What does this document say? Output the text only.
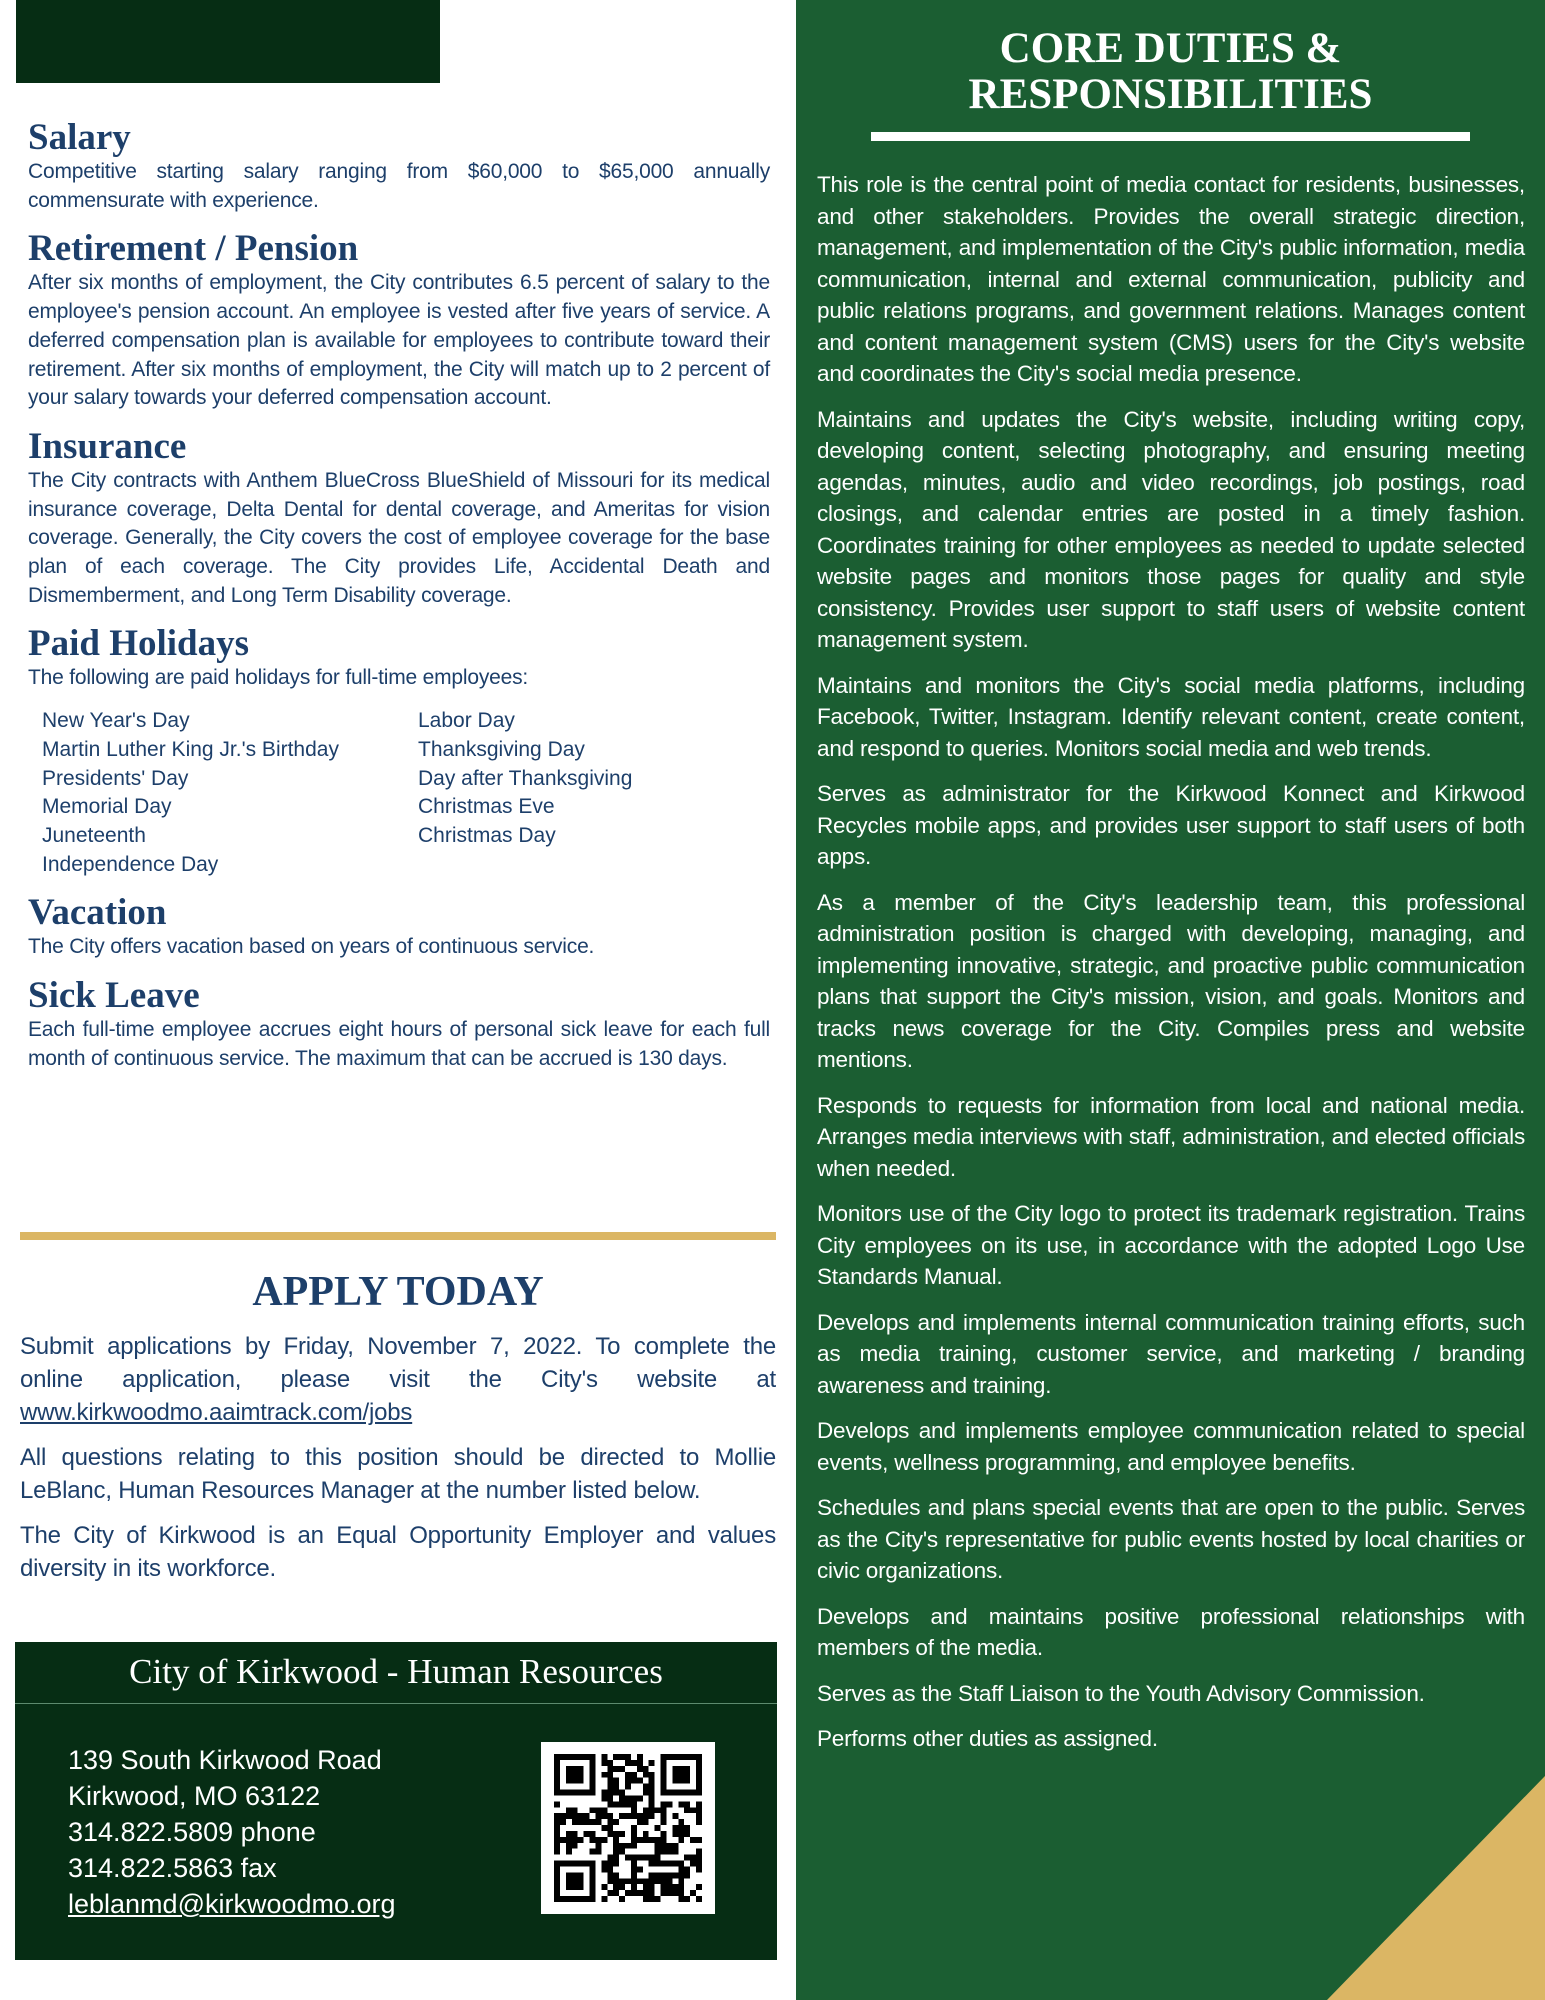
Salary

Competitive starting salary ranging from $60,000 to $65,000 annually commensurate with experience.

Retirement / Pension

After six months of employment, the City contributes 6.5 percent of salary to the employee's pension account. An employee is vested after five years of service. A deferred compensation plan is available for employees to contribute toward their retirement. After six months of employment, the City will match up to 2 percent of your salary towards your deferred compensation account.

Insurance

The City contracts with Anthem BlueCross BlueShield of Missouri for its medical insurance coverage, Delta Dental for dental coverage, and Ameritas for vision coverage. Generally, the City covers the cost of employee coverage for the base plan of each coverage. The City provides Life, Accidental Death and Dismemberment, and Long Term Disability coverage.

Paid Holidays

The following are paid holidays for full-time employees:

New Year's Day
Martin Luther King Jr.'s Birthday
Presidents' Day
Memorial Day
Juneteenth
Independence Day
Labor Day
Thanksgiving Day
Day after Thanksgiving
Christmas Eve
Christmas Day
Vacation

The City offers vacation based on years of continuous service.

Sick Leave

Each full-time employee accrues eight hours of personal sick leave for each full month of continuous service. The maximum that can be accrued is 130 days.

APPLY TODAY

Submit applications by Friday, November 7, 2022. To complete the online application, please visit the City's website at www.kirkwoodmo.aaimtrack.com/jobs

All questions relating to this position should be directed to Mollie LeBlanc, Human Resources Manager at the number listed below.

The City of Kirkwood is an Equal Opportunity Employer and values diversity in its workforce.

City of Kirkwood - Human Resources
139 South Kirkwood Road
Kirkwood, MO 63122
314.822.5809 phone
314.822.5863 fax
leblanmd@kirkwoodmo.org
CORE DUTIES &
RESPONSIBILITIES

This role is the central point of media contact for residents, businesses, and other stakeholders. Provides the overall strategic direction, management, and implementation of the City's public information, media communication, internal and external communication, publicity and public relations programs, and government relations. Manages content and content management system (CMS) users for the City's website and coordinates the City's social media presence.

Maintains and updates the City's website, including writing copy, developing content, selecting photography, and ensuring meeting agendas, minutes, audio and video recordings, job postings, road closings, and calendar entries are posted in a timely fashion. Coordinates training for other employees as needed to update selected website pages and monitors those pages for quality and style consistency. Provides user support to staff users of website content management system.

Maintains and monitors the City's social media platforms, including Facebook, Twitter, Instagram. Identify relevant content, create content, and respond to queries. Monitors social media and web trends.

Serves as administrator for the Kirkwood Konnect and Kirkwood Recycles mobile apps, and provides user support to staff users of both apps.

As a member of the City's leadership team, this professional administration position is charged with developing, managing, and implementing innovative, strategic, and proactive public communication plans that support the City's mission, vision, and goals. Monitors and tracks news coverage for the City. Compiles press and website mentions.

Responds to requests for information from local and national media. Arranges media interviews with staff, administration, and elected officials when needed.

Monitors use of the City logo to protect its trademark registration. Trains City employees on its use, in accordance with the adopted Logo Use Standards Manual.

Develops and implements internal communication training efforts, such as media training, customer service, and marketing / branding awareness and training.

Develops and implements employee communication related to special events, wellness programming, and employee benefits.

Schedules and plans special events that are open to the public. Serves as the City's representative for public events hosted by local charities or civic organizations.

Develops and maintains positive professional relationships with members of the media.

Serves as the Staff Liaison to the Youth Advisory Commission.

Performs other duties as assigned.
